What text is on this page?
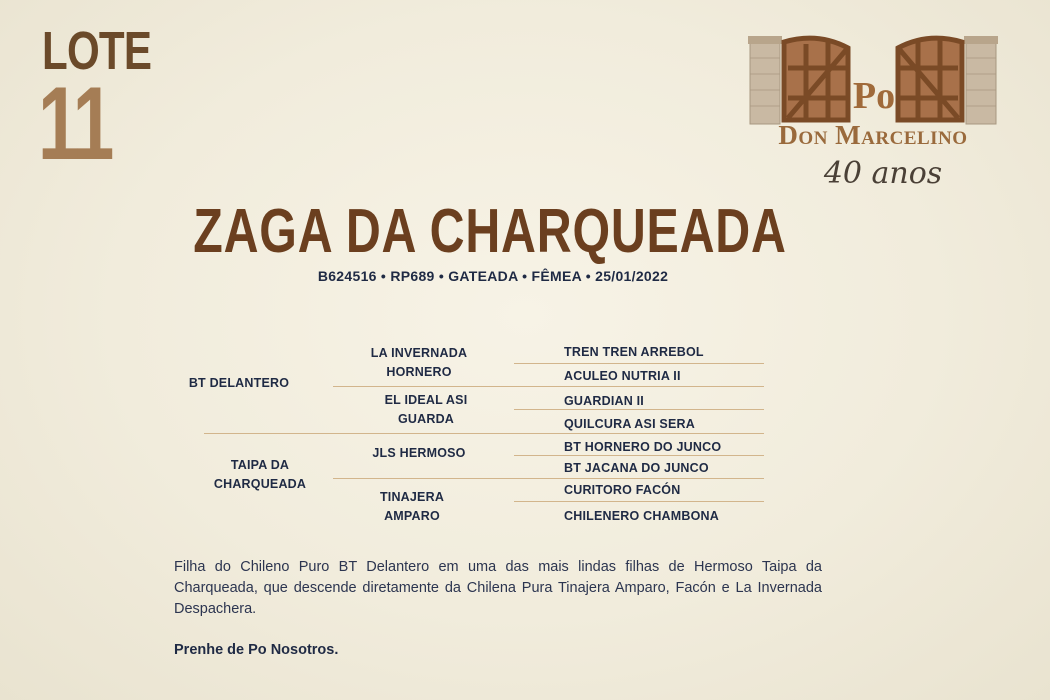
LOTE
11	Po
Don Marcelino
40 anos
ZAGA DA CHARQUEADA
B624516 • RP689 • GATEADA • FÊMEA • 25/01/2022
BT DELANTERO
TAIPA DA CHARQUEADA
LA INVERNADA HORNERO
EL IDEAL ASI GUARDA
JLS HERMOSO
TINAJERA AMPARO
TREN TREN ARREBOL
ACULEO NUTRIA II
GUARDIAN II
QUILCURA ASI SERA
BT HORNERO DO JUNCO
BT JACANA DO JUNCO
CURITORO FACÓN
CHILENERO CHAMBONA
Filha do Chileno Puro BT Delantero em uma das mais lindas filhas de Hermoso Taipa da Charqueada, que descende diretamente da Chilena Pura Tinajera Amparo, Facón e La Invernada Despachera.
Prenhe de Po Nosotros.
